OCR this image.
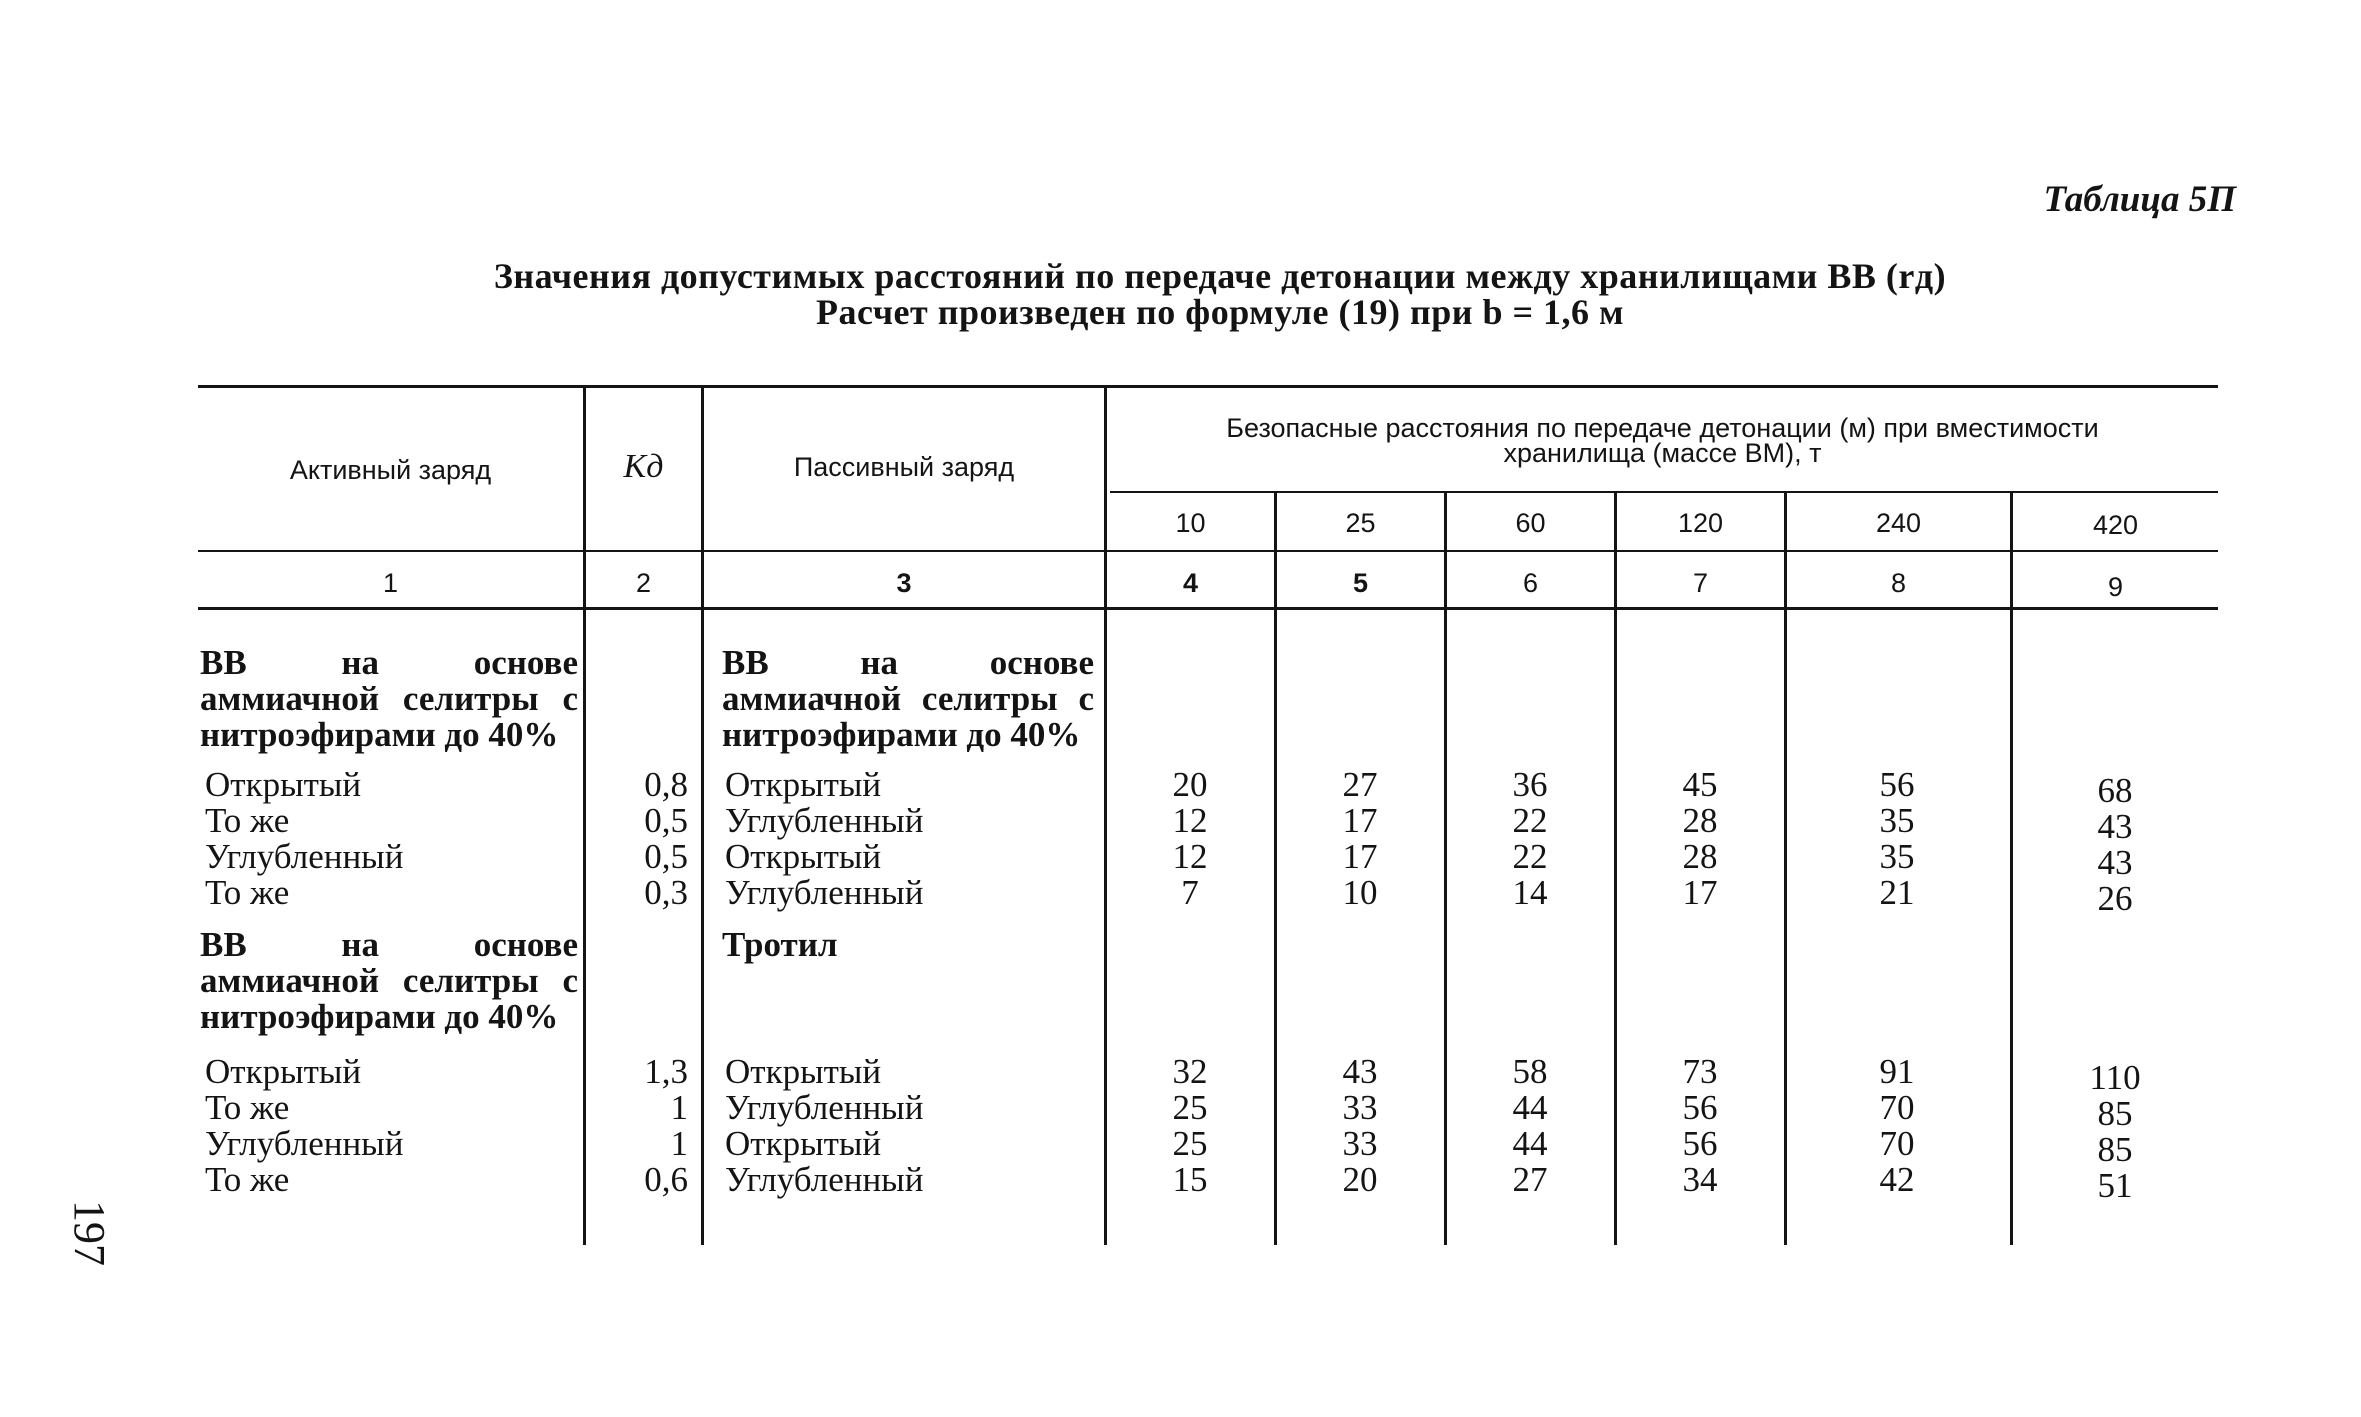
Таблица 5П
Значения допустимых расстояний по передаче детонации между хранилищами ВВ (rд)
Расчет произведен по формуле (19) при b = 1,6 м
Активный заряд	Kд	Пассивный заряд
Безопасные расстояния по передаче детонации (м) при вместимости
хранилища (массе ВМ), т
10	25	60	120	240	420
1	2	3	4	5	6	7	8	9
ВВ на основе аммиачной селитры с нитроэфирами до 40%
ВВ на основе аммиачной селитры с нитроэфирами до 40%
Открытый	0,8 Открытый	20	27	36	45	56	68
То же	0,5 Углубленный	12	17	22	28	35	43
Углубленный	0,5 Открытый	12	17	22	28	35	43
То же	0,3 Углубленный	7	10	14	17	21	26
ВВ на основе аммиачной селитры с нитроэфирами до 40%
Тротил
Открытый	1,3 Открытый	32	43	58	73	91	110
То же	1 Углубленный	25	33	44	56	70	85
Углубленный	1 Открытый	25	33	44	56	70	85
То же	0,6 Углубленный	15	20	27	34	42	51
197
